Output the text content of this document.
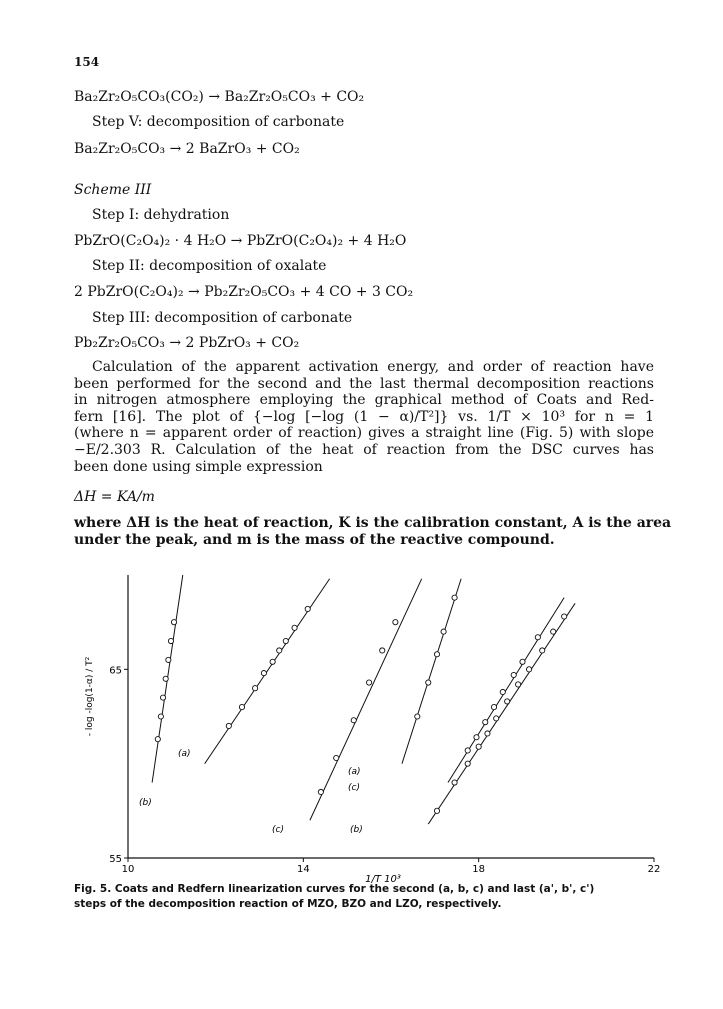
154
Ba₂Zr₂O₅CO₃(CO₂) → Ba₂Zr₂O₅CO₃ + CO₂
Step V: decomposition of carbonate
Ba₂Zr₂O₅CO₃ → 2 BaZrO₃ + CO₂
Scheme III
Step I: dehydration
PbZrO(C₂O₄)₂ · 4 H₂O → PbZrO(C₂O₄)₂ + 4 H₂O
Step II: decomposition of oxalate
2 PbZrO(C₂O₄)₂ → Pb₂Zr₂O₅CO₃ + 4 CO + 3 CO₂
Step III: decomposition of carbonate
Pb₂Zr₂O₅CO₃ → 2 PbZrO₃ + CO₂
Calculation of the apparent activation energy, and order of reaction have
been performed for the second and the last thermal decomposition reactions
in nitrogen atmosphere employing the graphical method of Coats and Red-
fern [16]. The plot of {−log [−log (1 − α)/T²]} vs. 1/T × 10³ for n = 1
(where n = apparent order of reaction) gives a straight line (Fig. 5) with slope
−E/2.303 R. Calculation of the heat of reaction from the DSC curves has
been done using simple expression
ΔH = KA/m
where ΔH is the heat of reaction, K is the calibration constant, A is the area
under the peak, and m is the mass of the reactive compound.
10	14	18	22
55
65
- log -log(1-α) / T²
1/T 10³
(b)
(a)
(c)
(a)
(c)
(b)
Fig. 5. Coats and Redfern linearization curves for the second (a, b, c) and last (a', b', c')
steps of the decomposition reaction of MZO, BZO and LZO, respectively.
